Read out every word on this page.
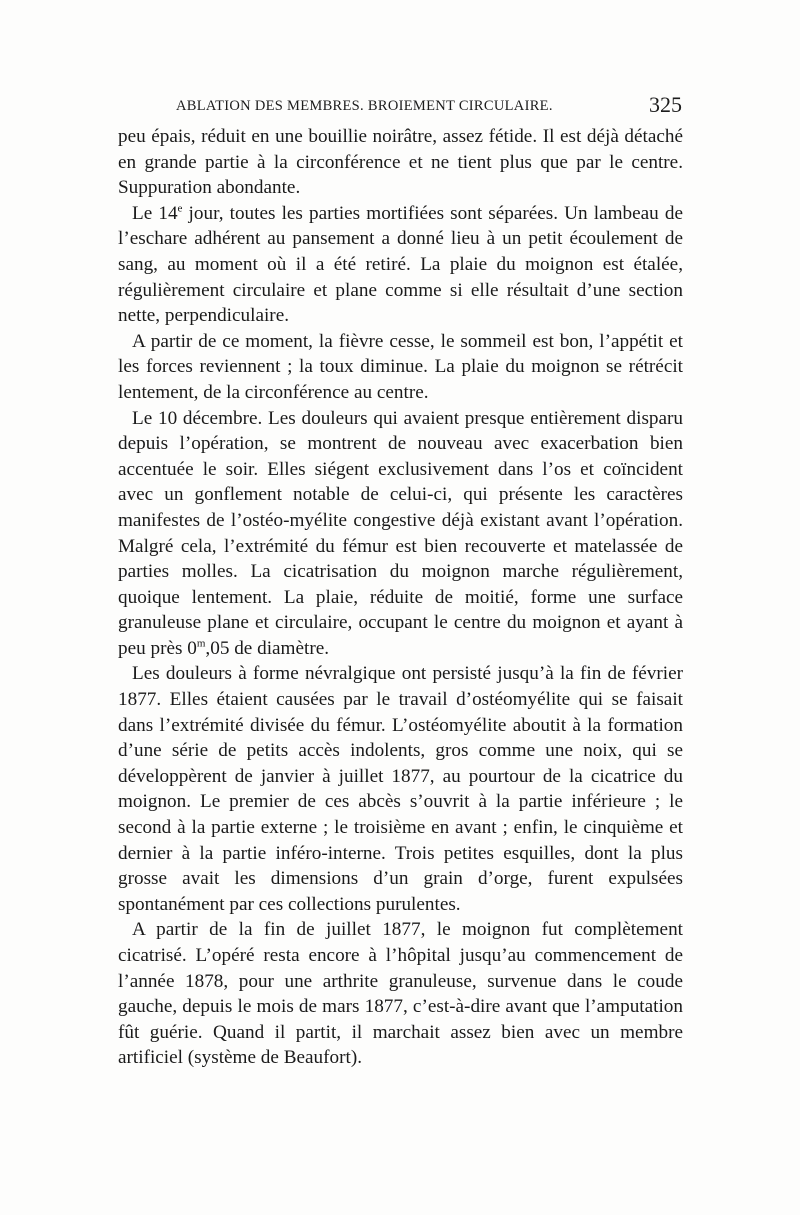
ABLATION DES MEMBRES. BROIEMENT CIRCULAIRE.	325

peu épais, réduit en une bouillie noirâtre, assez fétide. Il est déjà détaché en grande partie à la circonférence et ne tient plus que par le centre. Suppuration abondante.

Le 14e jour, toutes les parties mortifiées sont séparées. Un lambeau de l’eschare adhérent au pansement a donné lieu à un petit écoulement de sang, au moment où il a été retiré. La plaie du moignon est étalée, régulièrement circulaire et plane comme si elle résultait d’une section nette, perpendiculaire.

A partir de ce moment, la fièvre cesse, le sommeil est bon, l’appétit et les forces reviennent ; la toux diminue. La plaie du moignon se rétrécit lentement, de la circonférence au centre.

Le 10 décembre. Les douleurs qui avaient presque entièrement disparu depuis l’opération, se montrent de nouveau avec exacerbation bien accentuée le soir. Elles siégent exclusivement dans l’os et coïncident avec un gonflement notable de celui-ci, qui présente les caractères manifestes de l’ostéo-myélite congestive déjà existant avant l’opération. Malgré cela, l’extrémité du fémur est bien recouverte et matelassée de parties molles. La cicatrisation du moignon marche régulièrement, quoique lentement. La plaie, réduite de moitié, forme une surface granuleuse plane et circulaire, occupant le centre du moignon et ayant à peu près 0$^m$,05 de diamètre.

Les douleurs à forme névralgique ont persisté jusqu’à la fin de février 1877. Elles étaient causées par le travail d’ostéomyélite qui se faisait dans l’extrémité divisée du fémur. L’ostéomyélite aboutit à la formation d’une série de petits accès indolents, gros comme une noix, qui se développèrent de janvier à juillet 1877, au pourtour de la cicatrice du moignon. Le premier de ces abcès s’ouvrit à la partie inférieure ; le second à la partie externe ; le troisième en avant ; enfin, le cinquième et dernier à la partie inféro-interne. Trois petites esquilles, dont la plus grosse avait les dimensions d’un grain d’orge, furent expulsées spontanément par ces collections purulentes.

A partir de la fin de juillet 1877, le moignon fut complètement cicatrisé. L’opéré resta encore à l’hôpital jusqu’au commencement de l’année 1878, pour une arthrite granuleuse, survenue dans le coude gauche, depuis le mois de mars 1877, c’est-à-dire avant que l’amputation fût guérie. Quand il partit, il marchait assez bien avec un membre artificiel (système de Beaufort).
